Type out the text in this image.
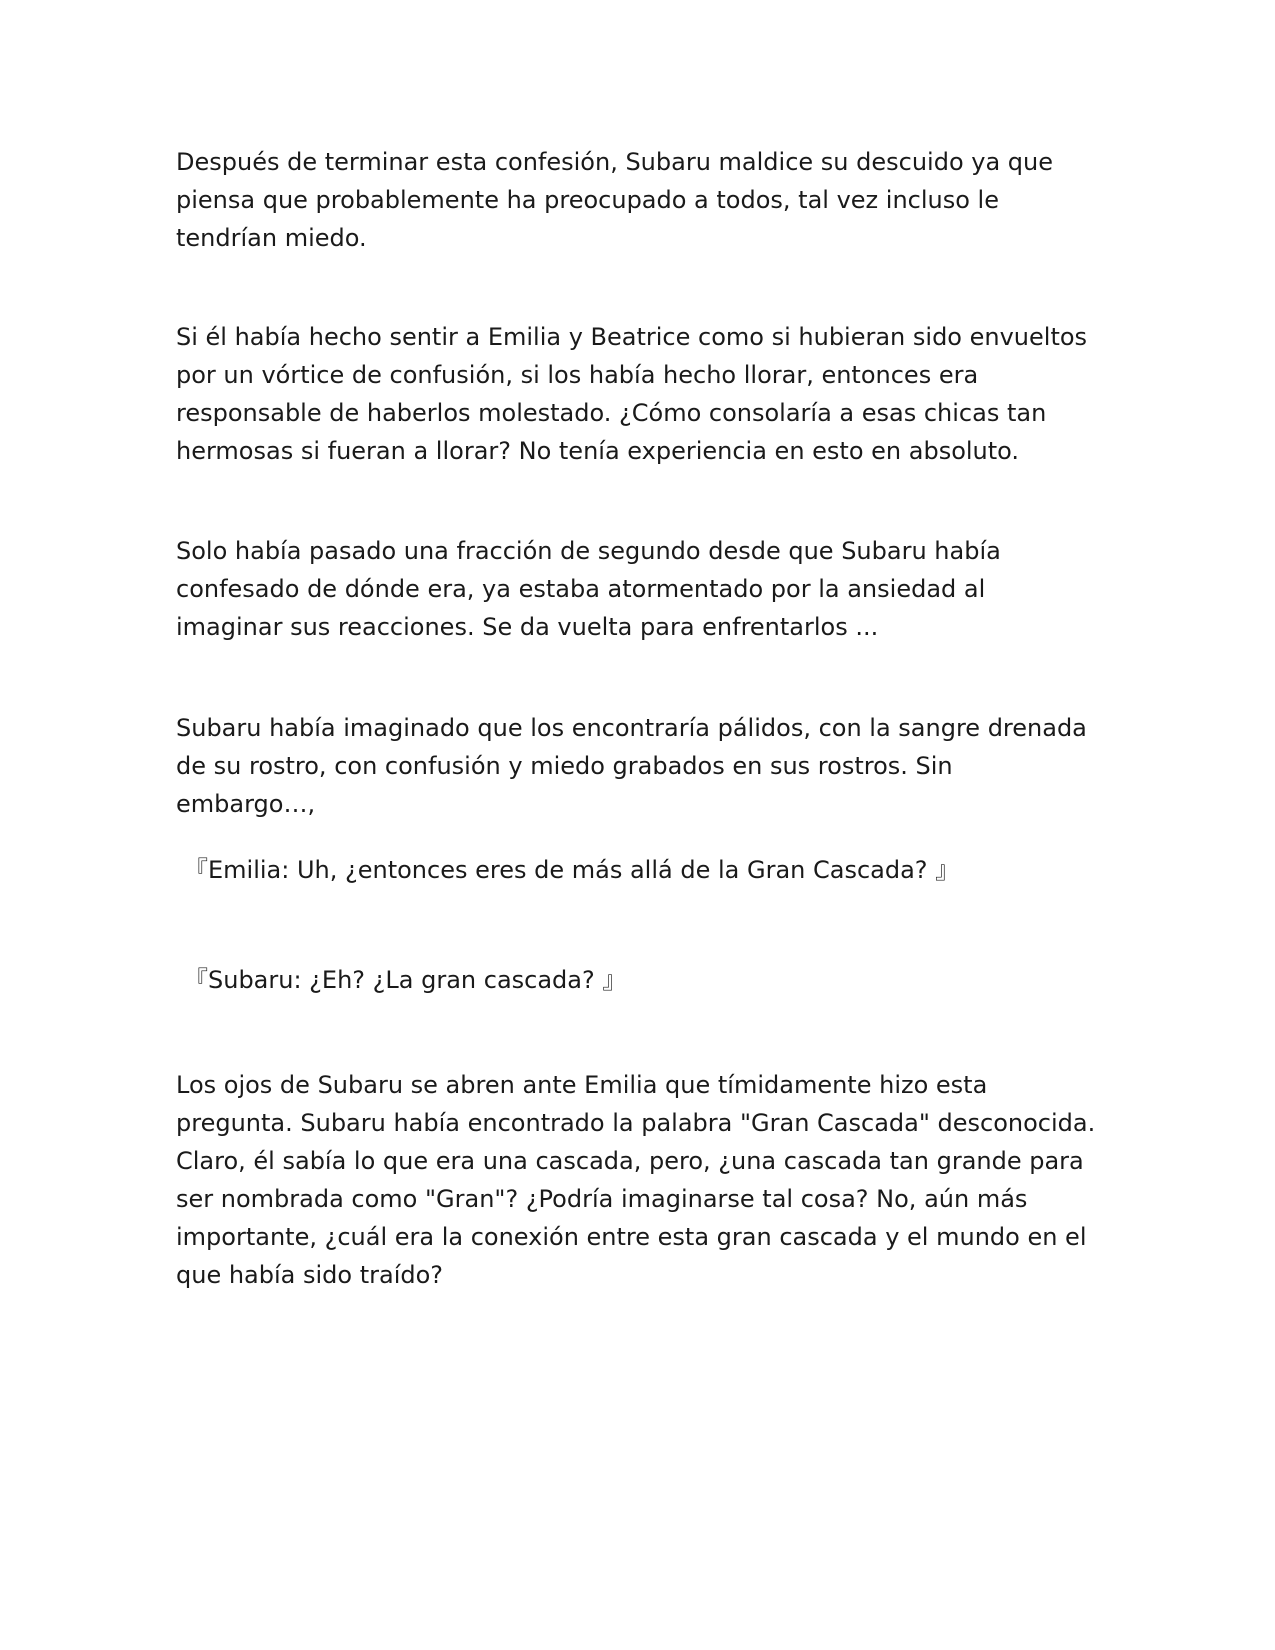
Después de terminar esta confesión, Subaru maldice su descuido ya que piensa que probablemente ha preocupado a todos, tal vez incluso le tendrían miedo.

Si él había hecho sentir a Emilia y Beatrice como si hubieran sido envueltos por un vórtice de confusión, si los había hecho llorar, entonces era responsable de haberlos molestado. ¿Cómo consolaría a esas chicas tan hermosas si fueran a llorar? No tenía experiencia en esto en absoluto.

Solo había pasado una fracción de segundo desde que Subaru había confesado de dónde era, ya estaba atormentado por la ansiedad al imaginar sus reacciones. Se da vuelta para enfrentarlos ...

Subaru había imaginado que los encontraría pálidos, con la sangre drenada de su rostro, con confusión y miedo grabados en sus rostros. Sin embargo…,

『Emilia: Uh, ¿entonces eres de más allá de la Gran Cascada? 』

『Subaru: ¿Eh? ¿La gran cascada? 』

Los ojos de Subaru se abren ante Emilia que tímidamente hizo esta pregunta. Subaru había encontrado la palabra "Gran Cascada" desconocida. Claro, él sabía lo que era una cascada, pero, ¿una cascada tan grande para ser nombrada como "Gran"? ¿Podría imaginarse tal cosa? No, aún más importante, ¿cuál era la conexión entre esta gran cascada y el mundo en el que había sido traído?
